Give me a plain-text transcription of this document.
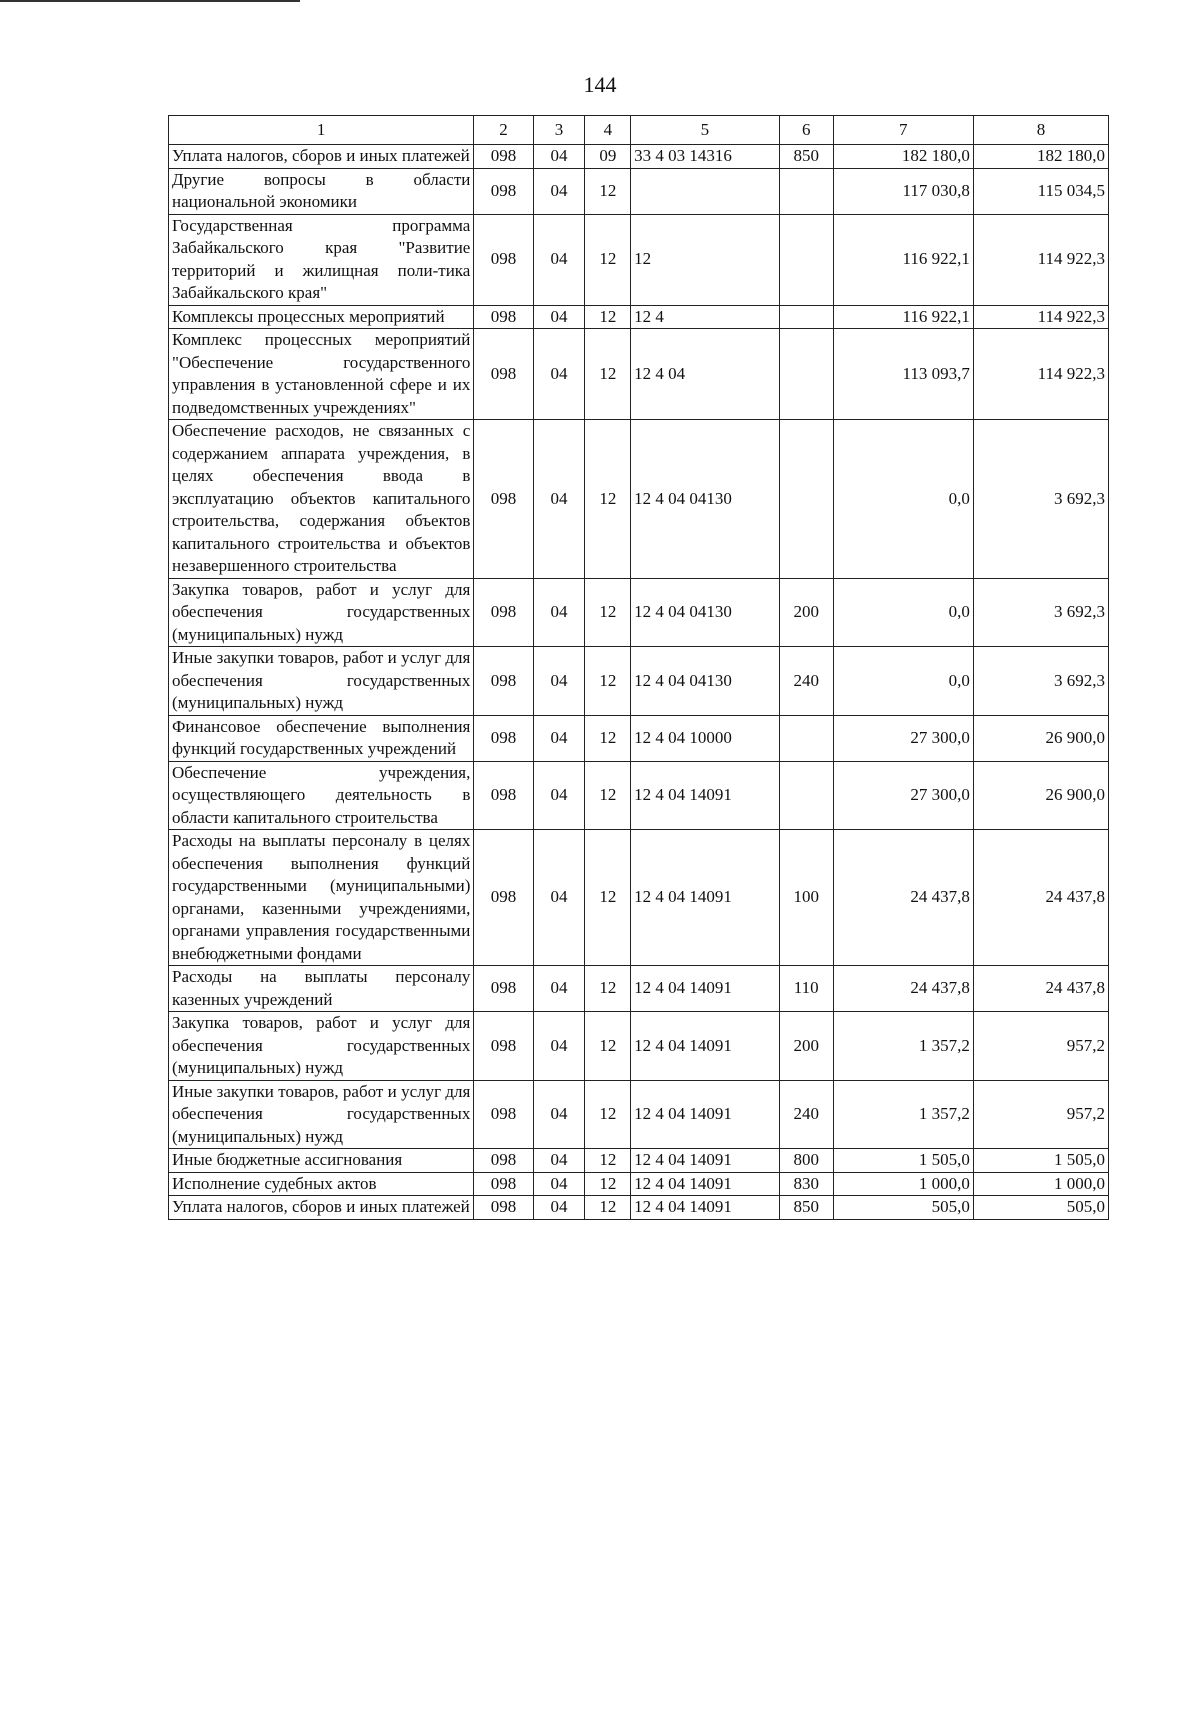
144
1	2	3	4	5	6	7	8
Уплата налогов, сборов и иных платежей	098	04	09	33 4 03 14316	850	182 180,0	182 180,0
Другие вопросы в области национальной экономики	098	04	12			117 030,8	115 034,5
Государственная программа Забайкальского края "Развитие территорий и жилищная поли-тика Забайкальского края"	098	04	12	12		116 922,1	114 922,3
Комплексы процессных мероприятий	098	04	12	12 4		116 922,1	114 922,3
Комплекс процессных мероприятий "Обеспечение государственного управления в установленной сфере и их подведомственных учреждениях"	098	04	12	12 4 04		113 093,7	114 922,3
Обеспечение расходов, не связанных с содержанием аппарата учреждения, в целях обеспечения ввода в эксплуатацию объектов капитального строительства, содержания объектов капитального строительства и объектов незавершенного строительства	098	04	12	12 4 04 04130		0,0	3 692,3
Закупка товаров, работ и услуг для обеспечения государственных (муниципальных) нужд	098	04	12	12 4 04 04130	200	0,0	3 692,3
Иные закупки товаров, работ и услуг для обеспечения государственных (муниципальных) нужд	098	04	12	12 4 04 04130	240	0,0	3 692,3
Финансовое обеспечение выполнения функций государственных учреждений	098	04	12	12 4 04 10000		27 300,0	26 900,0
Обеспечение учреждения, осуществляющего деятельность в области капитального строительства	098	04	12	12 4 04 14091		27 300,0	26 900,0
Расходы на выплаты персоналу в целях обеспечения выполнения функций государственными (муниципальными) органами, казенными учреждениями, органами управления государственными внебюджетными фондами	098	04	12	12 4 04 14091	100	24 437,8	24 437,8
Расходы на выплаты персоналу казенных учреждений	098	04	12	12 4 04 14091	110	24 437,8	24 437,8
Закупка товаров, работ и услуг для обеспечения государственных (муниципальных) нужд	098	04	12	12 4 04 14091	200	1 357,2	957,2
Иные закупки товаров, работ и услуг для обеспечения государственных (муниципальных) нужд	098	04	12	12 4 04 14091	240	1 357,2	957,2
Иные бюджетные ассигнования	098	04	12	12 4 04 14091	800	1 505,0	1 505,0
Исполнение судебных актов	098	04	12	12 4 04 14091	830	1 000,0	1 000,0
Уплата налогов, сборов и иных платежей	098	04	12	12 4 04 14091	850	505,0	505,0
